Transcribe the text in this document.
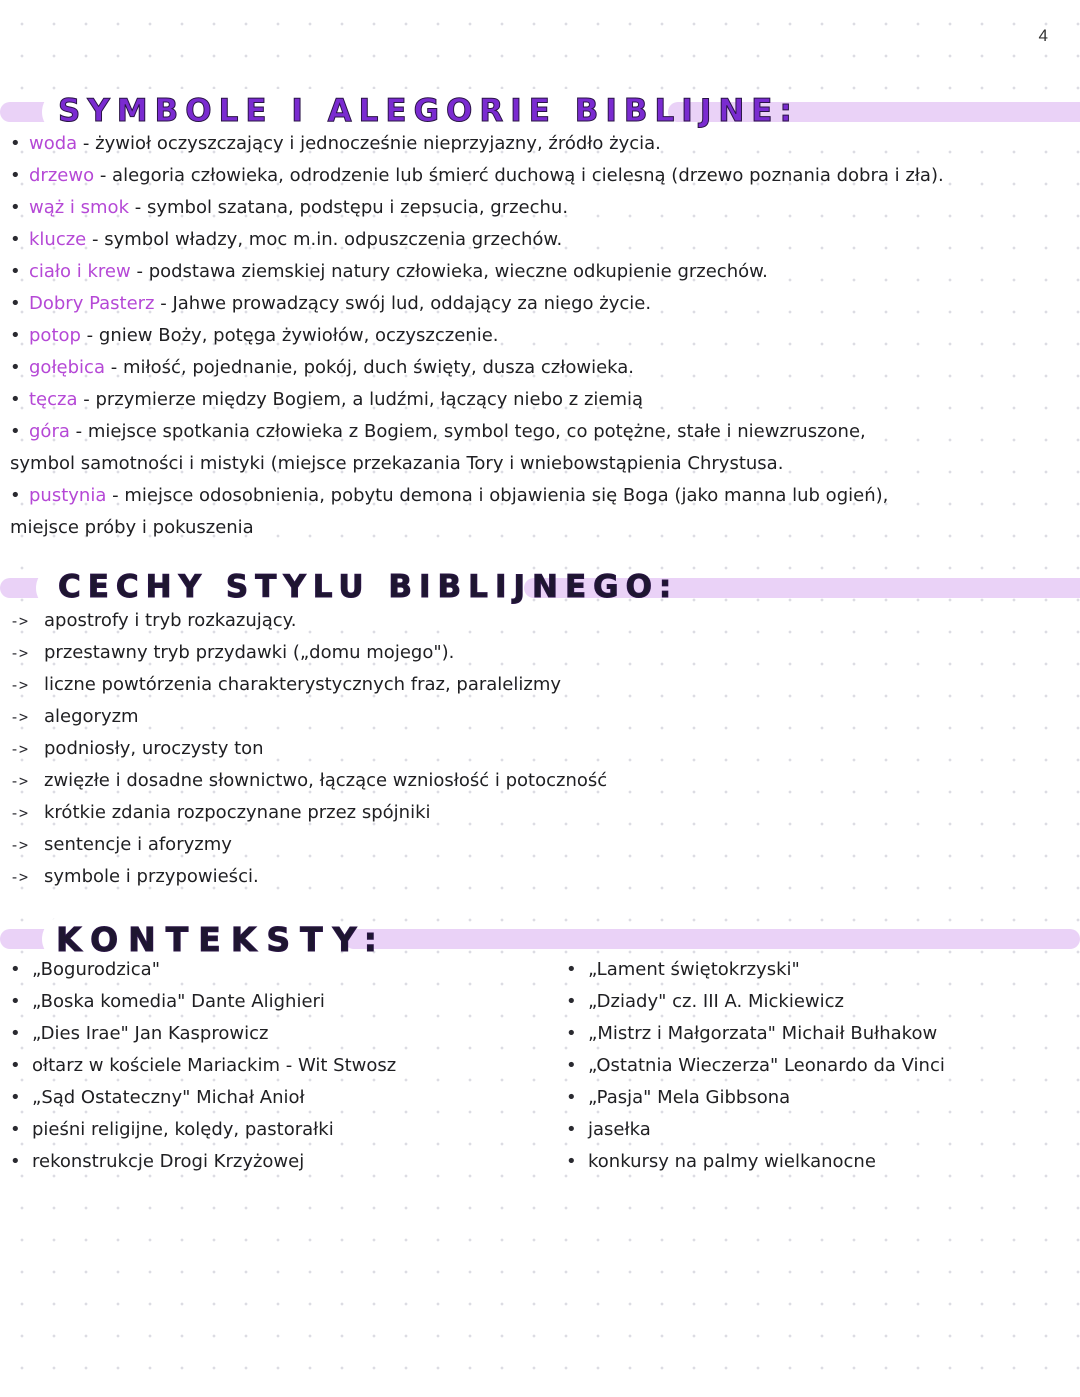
4
SYMBOLE I ALEGORIE BIBLIJNE:
• woda - żywioł oczyszczający i jednocześnie nieprzyjazny, źródło życia.
• drzewo - alegoria człowieka, odrodzenie lub śmierć duchową i cielesną (drzewo poznania dobra i zła).
• wąż i smok - symbol szatana, podstępu i zepsucia, grzechu.
• klucze - symbol władzy, moc m.in. odpuszczenia grzechów.
• ciało i krew - podstawa ziemskiej natury człowieka, wieczne odkupienie grzechów.
• Dobry Pasterz - Jahwe prowadzący swój lud, oddający za niego życie.
• potop - gniew Boży, potęga żywiołów, oczyszczenie.
• gołębica - miłość, pojednanie, pokój, duch święty, dusza człowieka.
• tęcza - przymierze między Bogiem, a ludźmi, łączący niebo z ziemią
• góra - miejsce spotkania człowieka z Bogiem, symbol tego, co potężne, stałe i niewzruszone,
symbol samotności i mistyki (miejsce przekazania Tory i wniebowstąpienia Chrystusa.
• pustynia - miejsce odosobnienia, pobytu demona i objawienia się Boga (jako manna lub ogień),
miejsce próby i pokuszenia
CECHY STYLU BIBLIJNEGO:
-> apostrofy i tryb rozkazujący.
-> przestawny tryb przydawki („domu mojego").
-> liczne powtórzenia charakterystycznych fraz, paralelizmy
-> alegoryzm
-> podniosły, uroczysty ton
-> zwięzłe i dosadne słownictwo, łączące wzniosłość i potoczność
-> krótkie zdania rozpoczynane przez spójniki
-> sentencje i aforyzmy
-> symbole i przypowieści.
KONTEKSTY:
• „Bogurodzica"
• „Boska komedia" Dante Alighieri
• „Dies Irae" Jan Kasprowicz
• ołtarz w kościele Mariackim - Wit Stwosz
• „Sąd Ostateczny" Michał Anioł
• pieśni religijne, kolędy, pastorałki
• rekonstrukcje Drogi Krzyżowej
• „Lament świętokrzyski"
• „Dziady" cz. III A. Mickiewicz
• „Mistrz i Małgorzata" Michaił Bułhakow
• „Ostatnia Wieczerza" Leonardo da Vinci
• „Pasja" Mela Gibbsona
• jasełka
• konkursy na palmy wielkanocne
